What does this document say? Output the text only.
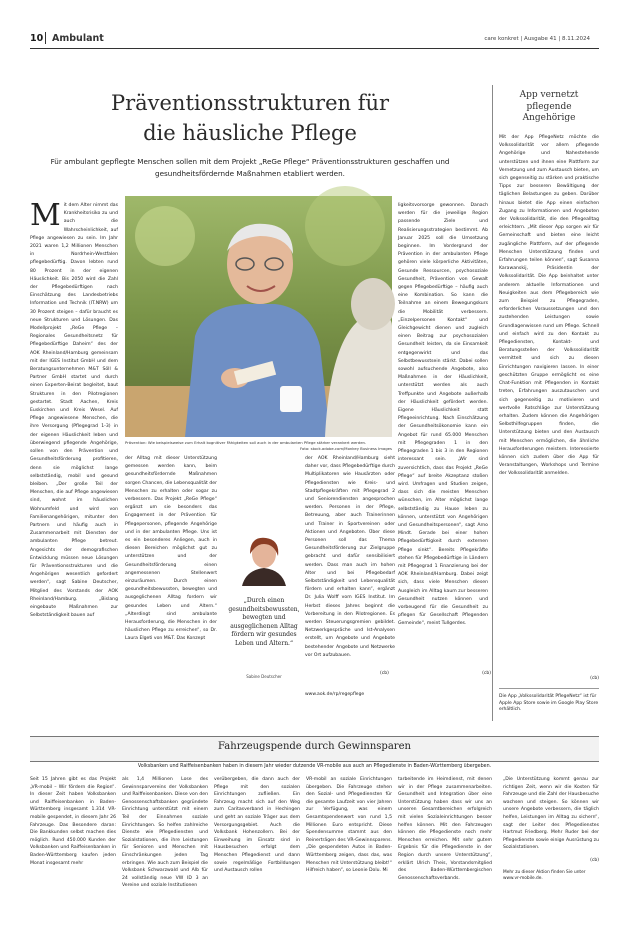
10 Ambulant	care konkret | Ausgabe 41 | 8.11.2024
Präventionsstrukturen für
die häusliche Pflege
Für ambulant gepflegte Menschen sollen mit dem Projekt „ReGe Pflege“ Präventionsstrukturen geschaffen und gesundheitsfördernde Maßnahmen etabliert werden.
M it dem Alter nimmt das Krankheitsrisiko zu und auch die Wahrscheinlichkeit, auf Pflege angewiesen zu sein. Im Jahr 2021 waren 1,2 Millionen Menschen in Nordrhein-Westfalen pflegebedürftig. Davon lebten rund 80 Prozent in der eigenen Häuslichkeit. Bis 2050 wird die Zahl der Pflegebedürftigen nach Einschätzung des Landesbetriebs Information und Technik (IT.NRW) um 30 Prozent steigen – dafür braucht es neue Strukturen und Lösungen. Das Modellprojekt „ReGe Pflege – Regionales Gesundheitsnetz für Pflegebedürftige Daheim“ des der AOK Rheinland/Hamburg gemeinsam mit der IGES Institut GmbH und dem Beratungsunternehmen M&T Söll & Partner GmbH startet und durch einen Experten-Beirat begleitet, baut Strukturen in den Pilotregionen gestartet. Stadt Aachen, Kreis Euskirchen und Kreis Wesel. Auf Pflege angewiesene Menschen, die ihre Versorgung (Pflegegrad 1-3) in der eigenen Häuslichkeit leben und überwiegend pflegende Angehörige, sollen von den Prävention und Gesundheitsförderung profitieren, denn sie möglichst lange selbstständig, mobil und gesund bleiben. „Der große Teil der Menschen, die auf Pflege angewiesen sind, wohnt im häuslichen Wohnumfeld und wird von Familienangehörigen, mitunter den Partnern und häufig auch in Zusammenarbeit mit Diensten der ambulanten Pflege betreut. Angesichts der demografischen Entwicklung müssen neue Lösungen für Präventionsstrukturen und die Angehörigen wesentlich gefordert werden“, sagt Sabine Deutscher, Mitglied des Vorstands der AOK Rheinland/Hamburg. „Bislang eingebaute Maßnahmen zur Selbstständigkeit bauen auf
Prävention: Wie beispielsweise zum Erhalt kognitiver Fähigkeiten soll auch in der ambulanten Pflege stärker verankert werden.
Foto: stock.adobe.com/Monkey Business Images
der Alltag mit dieser Unterstützung gemessen werden kann, beim gesundheitsfördernde Maßnahmen sorgen Chancen, die Lebensqualität der Menschen zu erhalten oder sogar zu verbessern. Das Projekt „ReGe Pflege“ ergänzt um sie besonders das Engagement in der Prävention für Pflegepersonen, pflegende Angehörige und in der ambulanten Pflege. Uns ist es ein besonderes Anliegen, auch in diesen Bereichen möglichst gut zu unterstützen und der Gesundheitsförderung einen angemessenen Stellenwert einzuräumen. Durch einen gesundheitsbewussten, bewegten und ausgeglichenen Alltag fordern wir gesundes Leben und Altern.“ „Alterdingt sind ambulante Herausforderung, die Menschen in der häuslichen Pflege zu erreichen“, so Dr. Laura Elgeti von M&T. Das Konzept
„Durch einen gesundheitsbewussten, bewegten und ausgeglichenen Alltag fördern wir gesundes Leben und Altern.“
Sabine Deutscher
der AOK Rheinland/Hamburg sieht daher vor, dass Pflegebedürftige durch Multiplikatoren wie Hausärzten oder Pflegediensten wie Kreis- und Stadtpflegekräften mit Pflegegrad 2 und Seniorendiensten angesprochen werden. Personen in der Pflege, Betreuung, aber auch Trainerinnen und Trainer in Sportvereinen oder Aktionen und Angeboten. Über diese Personen soll das Thema Gesundheitsförderung zur Zielgruppe gebracht und dafür sensibilisiert werden. Dass man auch im hohen Alter und bei Pflegebedarf Selbstständigkeit und Lebensqualität fördern und erhalten kann“, ergänzt Dr. Julia Wolff vom IGES Institut. Im Herbst dieses Jahres beginnt die Vorbereitung in den Pilotregionen. Es werden Steuerungsgremien gebildet. Netzwerkgespräche und Ist-Analysen erstellt, um Angebote und Angebote bestehender Angebote und Netzwerke vor Ort aufzubauen.
(cb)
www.aok.de/rp/regepflege
ligkeitsvorsorge gewonnen. Danach werden für die jeweilige Region passende Ziele und Realisierungsstrategien bestimmt. Ab Januar 2025 soll die Umsetzung beginnen. Im Vordergrund der Prävention in der ambulanten Pflege gehören viele körperliche Aktivitäten, Gesunde Ressourcen, psychosoziale Gesundheit, Prävention von Gewalt gegen Pflegebedürftige – häufig auch eine Kombination. So kann die Teilnahme an einem Bewegungskurs die Mobilität verbessern. „Einzelpersonen Kontakt“ und Gleichgewicht dienen und zugleich einen Beitrag zur psychosozialen Gesundheit leisten, da sie Einsamkeit entgegenwirkt und das Selbstbewusstsein stärkt. Dabei sollen sowohl aufsuchende Angebote, also Maßnahmen in der Häuslichkeit, unterstützt werden als auch Treffpunkte und Angebote außerhalb der Häuslichkeit gefördert werden. Eigene Häuslichkeit statt Pflegeeinrichtung. Nach Einschätzung der Gesundheitsökonomie kann ein Angebot für rund 65.000 Menschen mit Pflegegraden 1 in den Pflegegraden 1 bis 3 in den Regionen interessant sein. „Wir sind zuversichtlich, dass das Projekt „ReGe Pflege“ auf breite Akzeptanz stoßen wird. Umfragen und Studien zeigen, dass sich die meisten Menschen wünschen, im Alter möglichst lange selbstständig zu Hause leben zu können, unterstützt von Angehörigen und Gesundheitspersonen“, sagt Arno Mindt. Gerade bei einer hohen Pflegebedürftigkeit durch externen Pflege sinkt“. Bereits Pflegekräfte stehen für Pflegebedürftige in Ländern mit Pflegegrad 1 Finanzierung bei der AOK Rheinland/Hamburg. Dabei zeigt sich, dass viele Menschen diesen Ausgleich im Alltag kaum zur besseren Gesundheit nutzen können und vorbeugend für die Gesundheit zu pflegen für Gesellschaft Pflegenden Gemeinde“, meint Tullgerdes.
App vernetzt
pflegende
Angehörige
Mit der App PflegeNetz möchte die Volkssolidarität vor allem pflegende Angehörige und Nahestehende unterstützen und ihnen eine Plattform zur Vernetzung und zum Austausch bieten, um sich gegenseitig zu stärken und praktische Tipps zur besseren Bewältigung der täglichen Belastungen zu geben. Darüber hinaus bietet die App einen einfachen Zugang zu Informationen und Angeboten der Volkssolidarität, die den Pflegealltag erleichtern. „Mit dieser App sorgen wir für Gemeinschaft und bieten eine leicht zugängliche Plattform, auf der pflegende Menschen Unterstützung finden und Erfahrungen teilen können“, sagt Susanna Karawanskij, Präsidentin der Volkssolidarität. Die App beinhaltet unter anderem aktuelle Informationen und Neuigkeiten aus dem Pflegebereich wie zum Beispiel zu Pflegegraden, erforderlichen Voraussetzungen und den zustehenden Leistungen sowie Grundlagenwissen rund um Pflege. Schnell und einfach wird zu den Kontakt zu Pflegediensten, Kontakt- und Beratungsstellen der Volkssolidarität vermittelt und sich zu diesen Einrichtungen navigieren lassen. In einer geschützten Gruppe ermöglicht es eine Chat-Funktion mit Pflegenden in Kontakt treten, Erfahrungen auszutauschen und sich gegenseitig zu motivieren und wertvolle Ratschläge zur Unterstützung erhalten. Zudem können die Angehörigen Selbsthilfegruppen finden, die Unterstützung bieten und den Austausch mit Menschen ermöglichen, die ähnliche Herausforderungen meistern. Interessierte können sich zudem über die App für Veranstaltungen, Workshops und Termine der Volkssolidarität anmelden.
(cb)
Die App „Volkssolidarität PflegeNetz“ ist für Apple App Store sowie im Google Play Store erhältlich.
(cb)
Fahrzeugspende durch Gewinnsparen
Volksbanken und Raiffeisenbanken haben in diesem Jahr wieder dutzende VR-mobile aus auch an Pflegedienste in Baden-Württemberg übergeben.
Seit 15 Jahren gibt es das Projekt „VR-mobil – Wir fördern die Region“. In dieser Zeit haben Volksbanken und Raiffeisenbanken in Baden-Württemberg insgesamt 1.314 VR-mobile gespendet, in diesem Jahr 26 Fahrzeuge. Das Besondere daran: Die Bankkunden selbst machen dies möglich. Rund 450.000 Kunden der Volksbanken und Raiffeisenbanken in Baden-Württemberg kaufen jeden Monat insgesamt mehr
als 1,4 Millionen Lose des Gewinnsparvereins der Volksbanken und Raiffeisenbanken. Diese von den Genossenschaftsbanken gegründete Einrichtung unterstützt mit einem Teil der Einnahmen soziale Einrichtungen. So helfen zahlreiche Dienste wie Pflegediensten und Sozialstationen, die ihre Leistungen für Senioren und Menschen mit Einschränkungen jeden Tag erbringen. Wie auch zum Beispiel die Volksbank Schwarzwald und Alb für 24 vollständig neue VW ID 3 an Vereine und soziale Institutionen
verübergeben, die dann auch der Pflege mit den sozialen Einrichtungen zufließen. Ein Fahrzeug macht sich auf den Weg zum Caritasverband in Hechingen und geht an soziale Träger aus dem Versorgungsgebiet. Auch die Volksbank Hohenzollern. Bei der Einweihung im Einsatz sind in Hausbesuchen erfolgt dem Menschen Pflegedienst und dann sowie regelmäßige Fortbildungen und Austausch rollen
VR-mobil an soziale Einrichtungen übergeben. Die Fahrzeuge stehen den Sozial- und Pflegediensten für die gesamte Laufzeit von vier Jahren zur Verfügung, was einem Gesamtspendenwert von rund 1,5 Millionen Euro entspricht. Diese Spendensumme stammt aus den Reinerträgen des VR-Gewinnsparens. „Die gespendeten Autos in Baden-Württemberg zeigen, dass das, was Menschen mit Unterstützung bleibt!“ Hilfreich haben“, so Leonie Dolu. Mi
tarbeitende im Heimdienst, mit denen wir in der Pflege zusammenarbeiten. Gesundheit und Integration über eine Unterstützung haben dass wir uns an unseren Gesamtbereichen erfolgreich mit vielen Sozialeinrichtungen besser helfen können. Mit den Fahrzeugen können die Pflegedienste noch mehr Menschen erreichen. Mit sehr gutem Ergebnis für die Pflegedienste in der Region durch unsere Unterstützung“, erklärt Ulrich Theis, Vorstandsmitglied des Baden-Württembergischen Genossenschaftsverbands.
„Die Unterstützung kommt genau zur richtigen Zeit, wenn wir die Kosten für Fahrzeuge und die Zahl der Hausbesuche wachsen und steigen. So können wir unsere Angebote verbessern, die täglich helfen, Leistungen im Alltag zu sichern“, sagt der Leiter des Pflegedienstes Hartmut Friedberg. Mehr Ruder bei der Pflegedienste sowie einige Ausrüstung zu Sozialstationen.
(cb)
Mehr zu dieser Aktion finden Sie unter www.vr-mobile.de.
